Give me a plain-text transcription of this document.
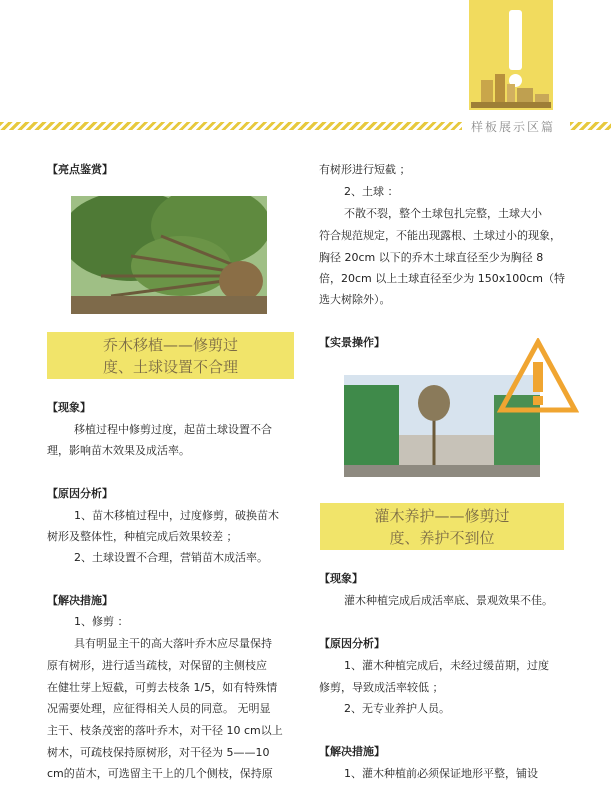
样板展示区篇
【亮点鉴赏】
乔木移植——修剪过
度、土球设置不合理
【现象】
移植过程中修剪过度，起苗土球设置不合
理，影响苗木效果及成活率。
【原因分析】
1、苗木移植过程中，过度修剪，破换苗木
树形及整体性，种植完成后效果较差 ；
2、土球设置不合理，营销苗木成活率。
【解决措施】
1、修剪 ：
具有明显主干的高大落叶乔木应尽量保持
原有树形，进行适当疏枝，对保留的主侧枝应
在健壮芽上短截，可剪去枝条 1/5，如有特殊情
况需要处理，应征得相关人员的同意。 无明显
主干、枝条茂密的落叶乔木，对干径 10 cm以上
树木，可疏枝保持原树形，对干径为 5——10
cm的苗木，可选留主干上的几个侧枝，保持原
有树形进行短截 ；
2、土球 ：
不散不裂，整个土球包扎完整，土球大小
符合规范规定，不能出现露根、土球过小的现象，
胸径 20cm 以下的乔木土球直径至少为胸径 8
倍，20cm 以上土球直径至少为 150x100cm（特
选大树除外）。
【实景操作】
灌木养护——修剪过
度、养护不到位
【现象】
灌木种植完成后成活率底、景观效果不佳。
【原因分析】
1、灌木种植完成后，未经过缓苗期，过度
修剪，导致成活率较低 ；
2、无专业养护人员。
【解决措施】
1、灌木种植前必须保证地形平整，铺设
